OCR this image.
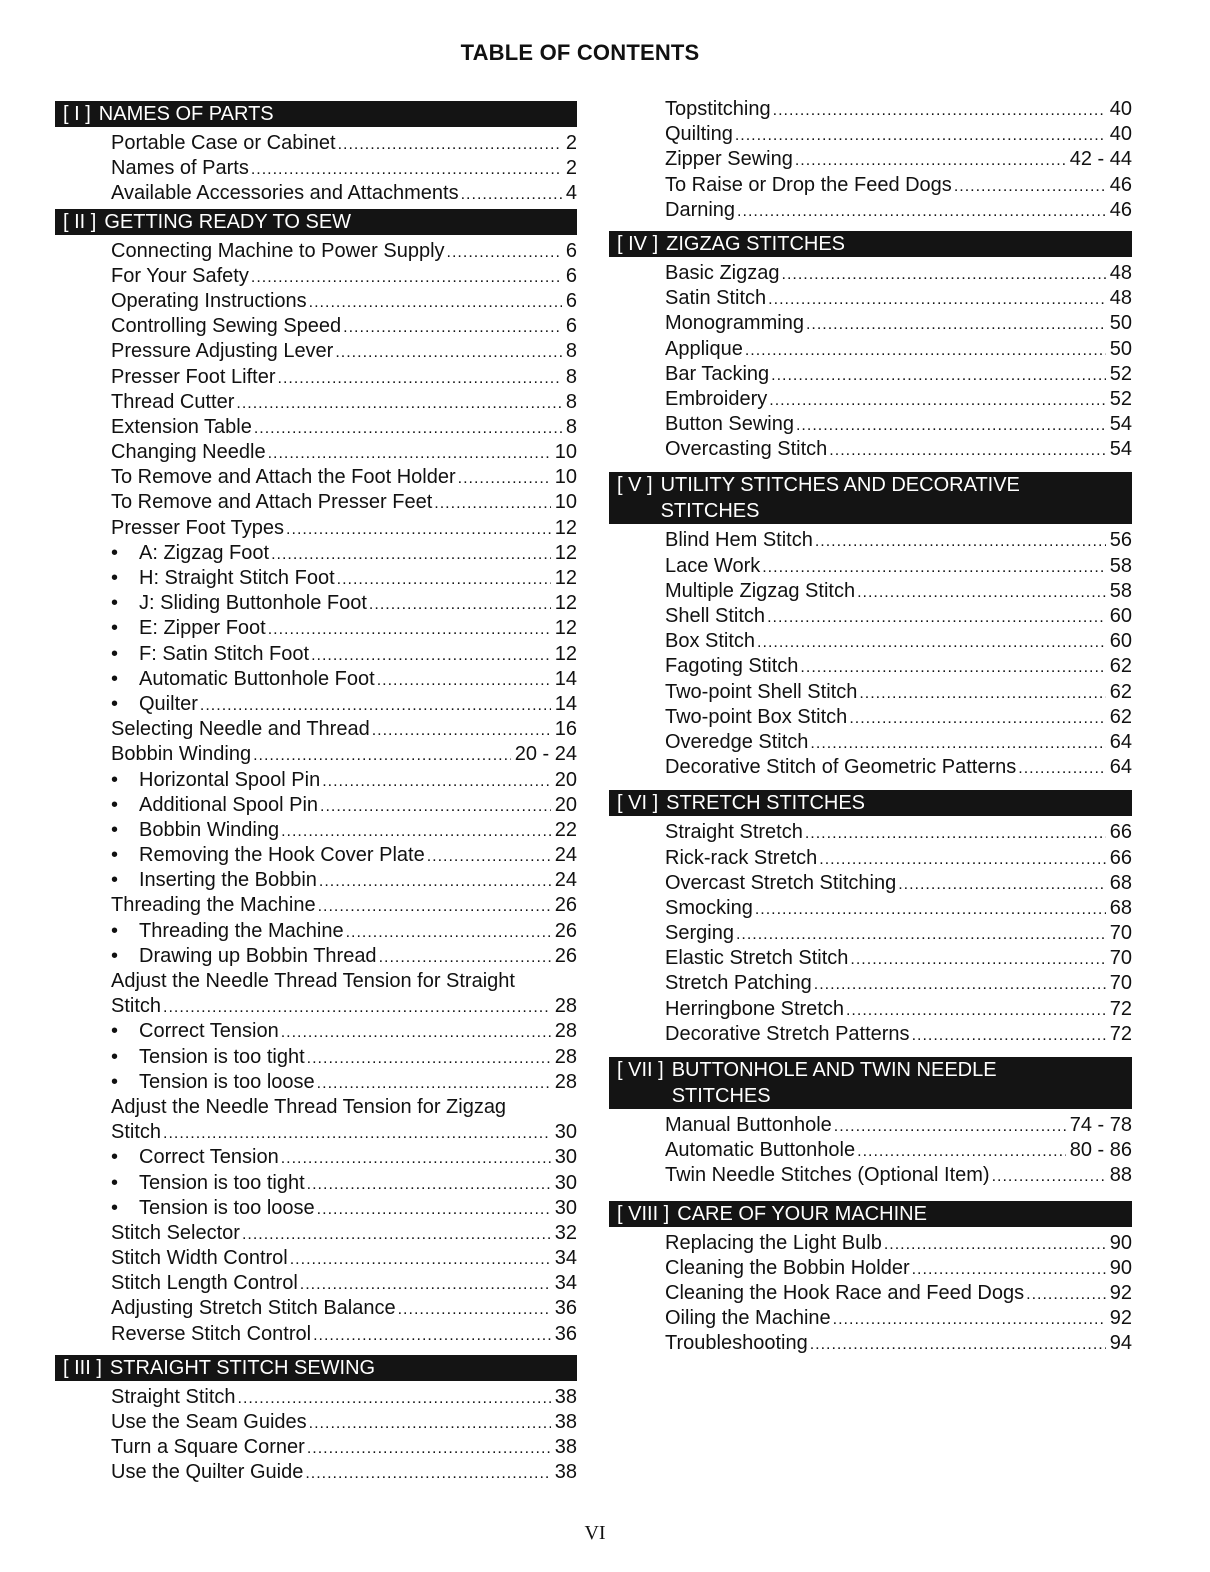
TABLE OF CONTENTS
[ I ] NAMES OF PARTS
Portable Case or Cabinet .....	2
Names of Parts .....	2
Available Accessories and Attachments .....	4
[ II ] GETTING READY TO SEW
Connecting Machine to Power Supply .....	6
For Your Safety .....	6
Operating Instructions .....	6
Controlling Sewing Speed .....	6
Pressure Adjusting Lever .....	8
Presser Foot Lifter .....	8
Thread Cutter .....	8
Extension Table .....	8
Changing Needle .....	10
To Remove and Attach the Foot Holder .....	10
To Remove and Attach Presser Feet .....	10
Presser Foot Types .....	12
• A: Zigzag Foot .....	12
• H: Straight Stitch Foot .....	12
• J: Sliding Buttonhole Foot .....	12
• E: Zipper Foot .....	12
• F: Satin Stitch Foot .....	12
• Automatic Buttonhole Foot .....	14
• Quilter .....	14
Selecting Needle and Thread .....	16
Bobbin Winding .....	20 - 24
• Horizontal Spool Pin .....	20
• Additional Spool Pin .....	20
• Bobbin Winding .....	22
• Removing the Hook Cover Plate .....	24
• Inserting the Bobbin .....	24
Threading the Machine .....	26
• Threading the Machine .....	26
• Drawing up Bobbin Thread .....	26
Adjust the Needle Thread Tension for Straight
Stitch .....	28
• Correct Tension .....	28
• Tension is too tight .....	28
• Tension is too loose .....	28
Adjust the Needle Thread Tension for Zigzag
Stitch .....	30
• Correct Tension .....	30
• Tension is too tight .....	30
• Tension is too loose .....	30
Stitch Selector .....	32
Stitch Width Control .....	34
Stitch Length Control .....	34
Adjusting Stretch Stitch Balance .....	36
Reverse Stitch Control .....	36
[ III ] STRAIGHT STITCH SEWING
Straight Stitch .....	38
Use the Seam Guides .....	38
Turn a Square Corner .....	38
Use the Quilter Guide .....	38
Topstitching .....	40
Quilting .....	40
Zipper Sewing .....	42 - 44
To Raise or Drop the Feed Dogs .....	46
Darning .....	46
[ IV ] ZIGZAG STITCHES
Basic Zigzag .....	48
Satin Stitch .....	48
Monogramming .....	50
Applique .....	50
Bar Tacking .....	52
Embroidery .....	52
Button Sewing .....	54
Overcasting Stitch .....	54
[ V ] UTILITY STITCHES AND DECORATIVE
STITCHES
Blind Hem Stitch .....	56
Lace Work .....	58
Multiple Zigzag Stitch .....	58
Shell Stitch .....	60
Box Stitch .....	60
Fagoting Stitch .....	62
Two-point Shell Stitch .....	62
Two-point Box Stitch .....	62
Overedge Stitch .....	64
Decorative Stitch of Geometric Patterns .....	64
[ VI ] STRETCH STITCHES
Straight Stretch .....	66
Rick-rack Stretch .....	66
Overcast Stretch Stitching .....	68
Smocking .....	68
Serging .....	70
Elastic Stretch Stitch .....	70
Stretch Patching .....	70
Herringbone Stretch .....	72
Decorative Stretch Patterns .....	72
[ VII ] BUTTONHOLE AND TWIN NEEDLE
STITCHES
Manual Buttonhole .....	74 - 78
Automatic Buttonhole .....	80 - 86
Twin Needle Stitches (Optional Item) .....	88
[ VIII ] CARE OF YOUR MACHINE
Replacing the Light Bulb .....	90
Cleaning the Bobbin Holder .....	90
Cleaning the Hook Race and Feed Dogs .....	92
Oiling the Machine .....	92
Troubleshooting .....	94
VI
